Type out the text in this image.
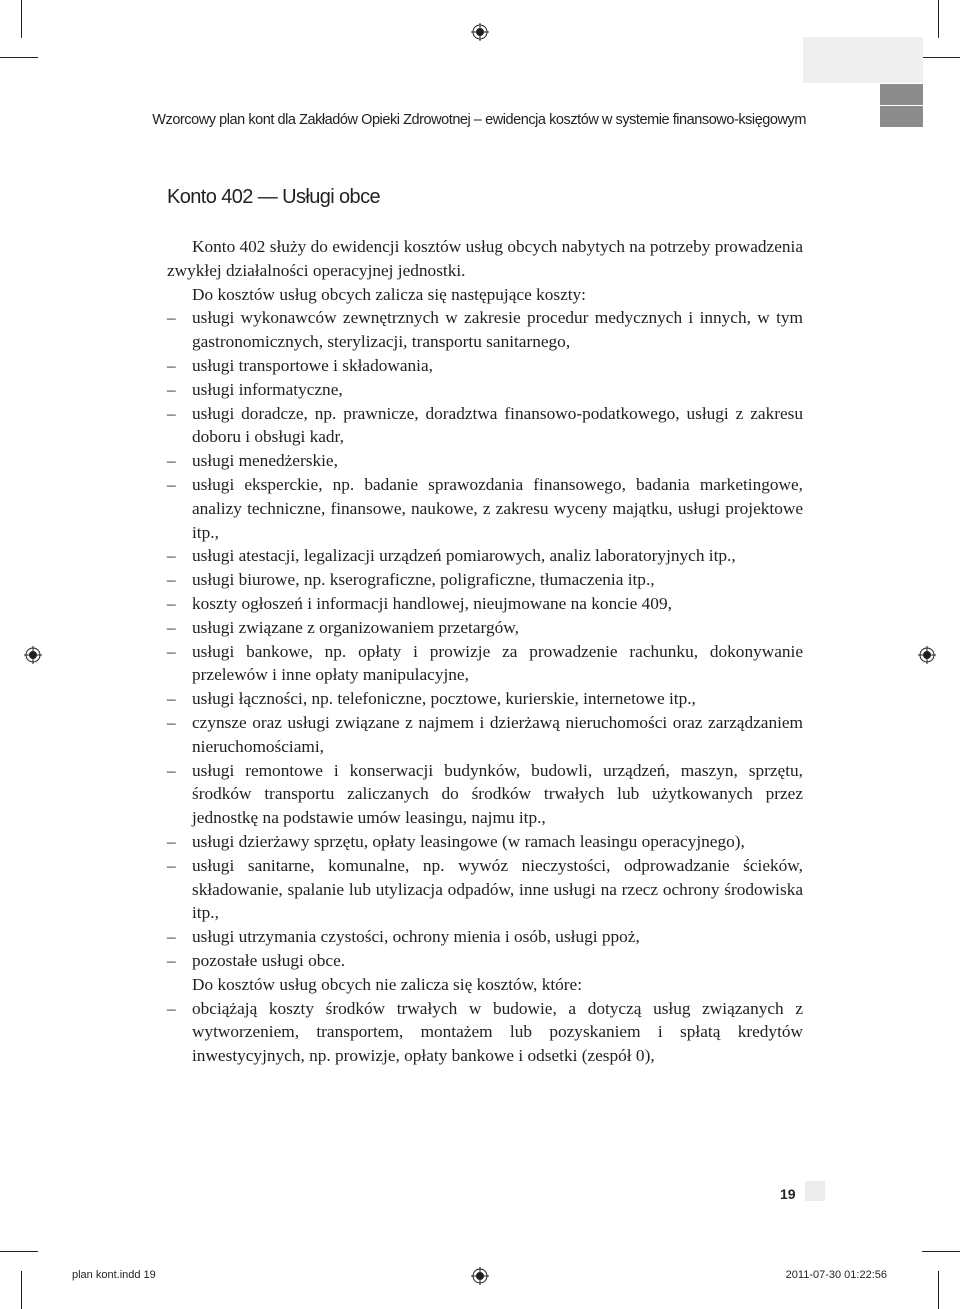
Wzorcowy plan kont dla Zakładów Opieki Zdrowotnej – ewidencja kosztów w systemie finansowo-księgowym
Konto 402 — Usługi obce

Konto 402 służy do ewidencji kosztów usług obcych nabytych na potrzeby prowadzenia zwykłej działalności operacyjnej jednostki.

Do kosztów usług obcych zalicza się następujące koszty:

– usługi wykonawców zewnętrznych w zakresie procedur medycznych i innych, w tym gastronomicznych, sterylizacji, transportu sanitarnego,

– usługi transportowe i składowania,

– usługi informatyczne,

– usługi doradcze, np. prawnicze, doradztwa finansowo-podatkowego, usługi z zakresu doboru i obsługi kadr,

– usługi menedżerskie,

– usługi eksperckie, np. badanie sprawozdania finansowego, badania marketingowe, analizy techniczne, finansowe, naukowe, z zakresu wyceny majątku, usługi projektowe itp.,

– usługi atestacji, legalizacji urządzeń pomiarowych, analiz laboratoryjnych itp.,

– usługi biurowe, np. kserograficzne, poligraficzne, tłumaczenia itp.,

– koszty ogłoszeń i informacji handlowej, nieujmowane na koncie 409,

– usługi związane z organizowaniem przetargów,

– usługi bankowe, np. opłaty i prowizje za prowadzenie rachunku, dokonywanie przelewów i inne opłaty manipulacyjne,

– usługi łączności, np. telefoniczne, pocztowe, kurierskie, internetowe itp.,

– czynsze oraz usługi związane z najmem i dzierżawą nieruchomości oraz zarządzaniem nieruchomościami,

– usługi remontowe i konserwacji budynków, budowli, urządzeń, maszyn, sprzętu, środków transportu zaliczanych do środków trwałych lub użytkowanych przez jednostkę na podstawie umów leasingu, najmu itp.,

– usługi dzierżawy sprzętu, opłaty leasingowe (w ramach leasingu operacyjnego),

– usługi sanitarne, komunalne, np. wywóz nieczystości, odprowadzanie ścieków, składowanie, spalanie lub utylizacja odpadów, inne usługi na rzecz ochrony środowiska itp.,

– usługi utrzymania czystości, ochrony mienia i osób, usługi ppoż,

– pozostałe usługi obce.

Do kosztów usług obcych nie zalicza się kosztów, które:

– obciążają koszty środków trwałych w budowie, a dotyczą usług związanych z wytworzeniem, transportem, montażem lub pozyskaniem i spłatą kredytów inwestycyjnych, np. prowizje, opłaty bankowe i odsetki (zespół 0),

19
plan kont.indd 19	2011-07-30 01:22:56
